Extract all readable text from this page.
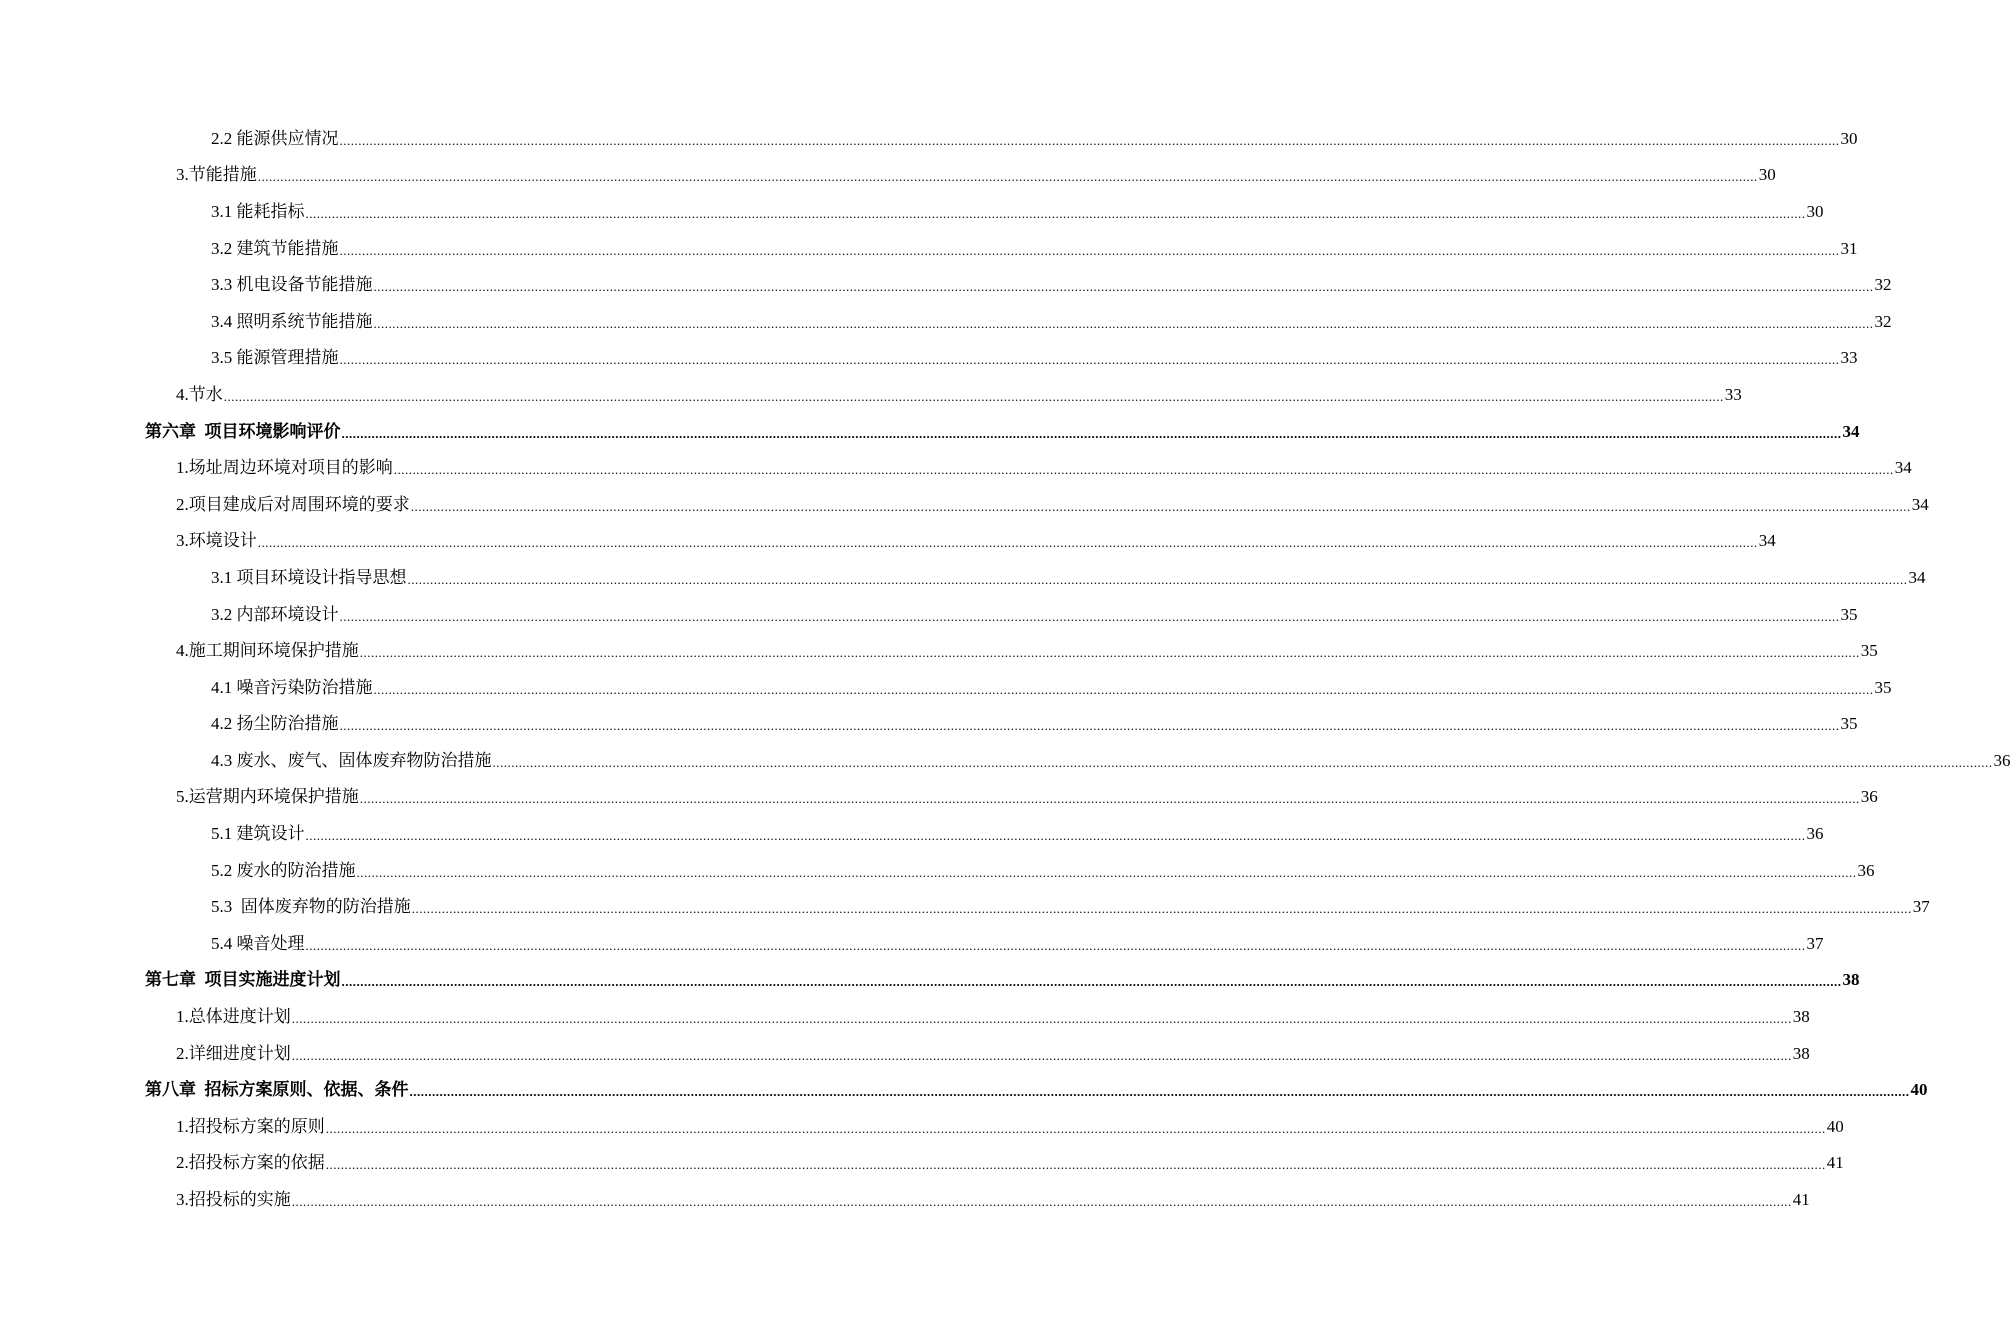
2.2 能源供应情况 ................................................................................................................................................................................................................................................................................................................................................................................................................ 30
3.节能措施 ................................................................................................................................................................................................................................................................................................................................................................................................................ 30
3.1 能耗指标 ................................................................................................................................................................................................................................................................................................................................................................................................................ 30
3.2 建筑节能措施 ................................................................................................................................................................................................................................................................................................................................................................................................................ 31
3.3 机电设备节能措施 ................................................................................................................................................................................................................................................................................................................................................................................................................ 32
3.4 照明系统节能措施 ................................................................................................................................................................................................................................................................................................................................................................................................................ 32
3.5 能源管理措施 ................................................................................................................................................................................................................................................................................................................................................................................................................ 33
4.节水 ................................................................................................................................................................................................................................................................................................................................................................................................................ 33
第六章  项目环境影响评价 ................................................................................................................................................................................................................................................................................................................................................................................................................ 34
1.场址周边环境对项目的影响 ................................................................................................................................................................................................................................................................................................................................................................................................................ 34
2.项目建成后对周围环境的要求 ................................................................................................................................................................................................................................................................................................................................................................................................................ 34
3.环境设计 ................................................................................................................................................................................................................................................................................................................................................................................................................ 34
3.1 项目环境设计指导思想 ................................................................................................................................................................................................................................................................................................................................................................................................................ 34
3.2 内部环境设计 ................................................................................................................................................................................................................................................................................................................................................................................................................ 35
4.施工期间环境保护措施 ................................................................................................................................................................................................................................................................................................................................................................................................................ 35
4.1 噪音污染防治措施 ................................................................................................................................................................................................................................................................................................................................................................................................................ 35
4.2 扬尘防治措施 ................................................................................................................................................................................................................................................................................................................................................................................................................ 35
4.3 废水、废气、固体废弃物防治措施 ................................................................................................................................................................................................................................................................................................................................................................................................................ 36
5.运营期内环境保护措施 ................................................................................................................................................................................................................................................................................................................................................................................................................ 36
5.1 建筑设计 ................................................................................................................................................................................................................................................................................................................................................................................................................ 36
5.2 废水的防治措施 ................................................................................................................................................................................................................................................................................................................................................................................................................ 36
5.3  固体废弃物的防治措施 ................................................................................................................................................................................................................................................................................................................................................................................................................ 37
5.4 噪音处理 ................................................................................................................................................................................................................................................................................................................................................................................................................ 37
第七章  项目实施进度计划 ................................................................................................................................................................................................................................................................................................................................................................................................................ 38
1.总体进度计划 ................................................................................................................................................................................................................................................................................................................................................................................................................ 38
2.详细进度计划 ................................................................................................................................................................................................................................................................................................................................................................................................................ 38
第八章  招标方案原则、依据、条件 ................................................................................................................................................................................................................................................................................................................................................................................................................ 40
1.招投标方案的原则 ................................................................................................................................................................................................................................................................................................................................................................................................................ 40
2.招投标方案的依据 ................................................................................................................................................................................................................................................................................................................................................................................................................ 41
3.招投标的实施 ................................................................................................................................................................................................................................................................................................................................................................................................................ 41
